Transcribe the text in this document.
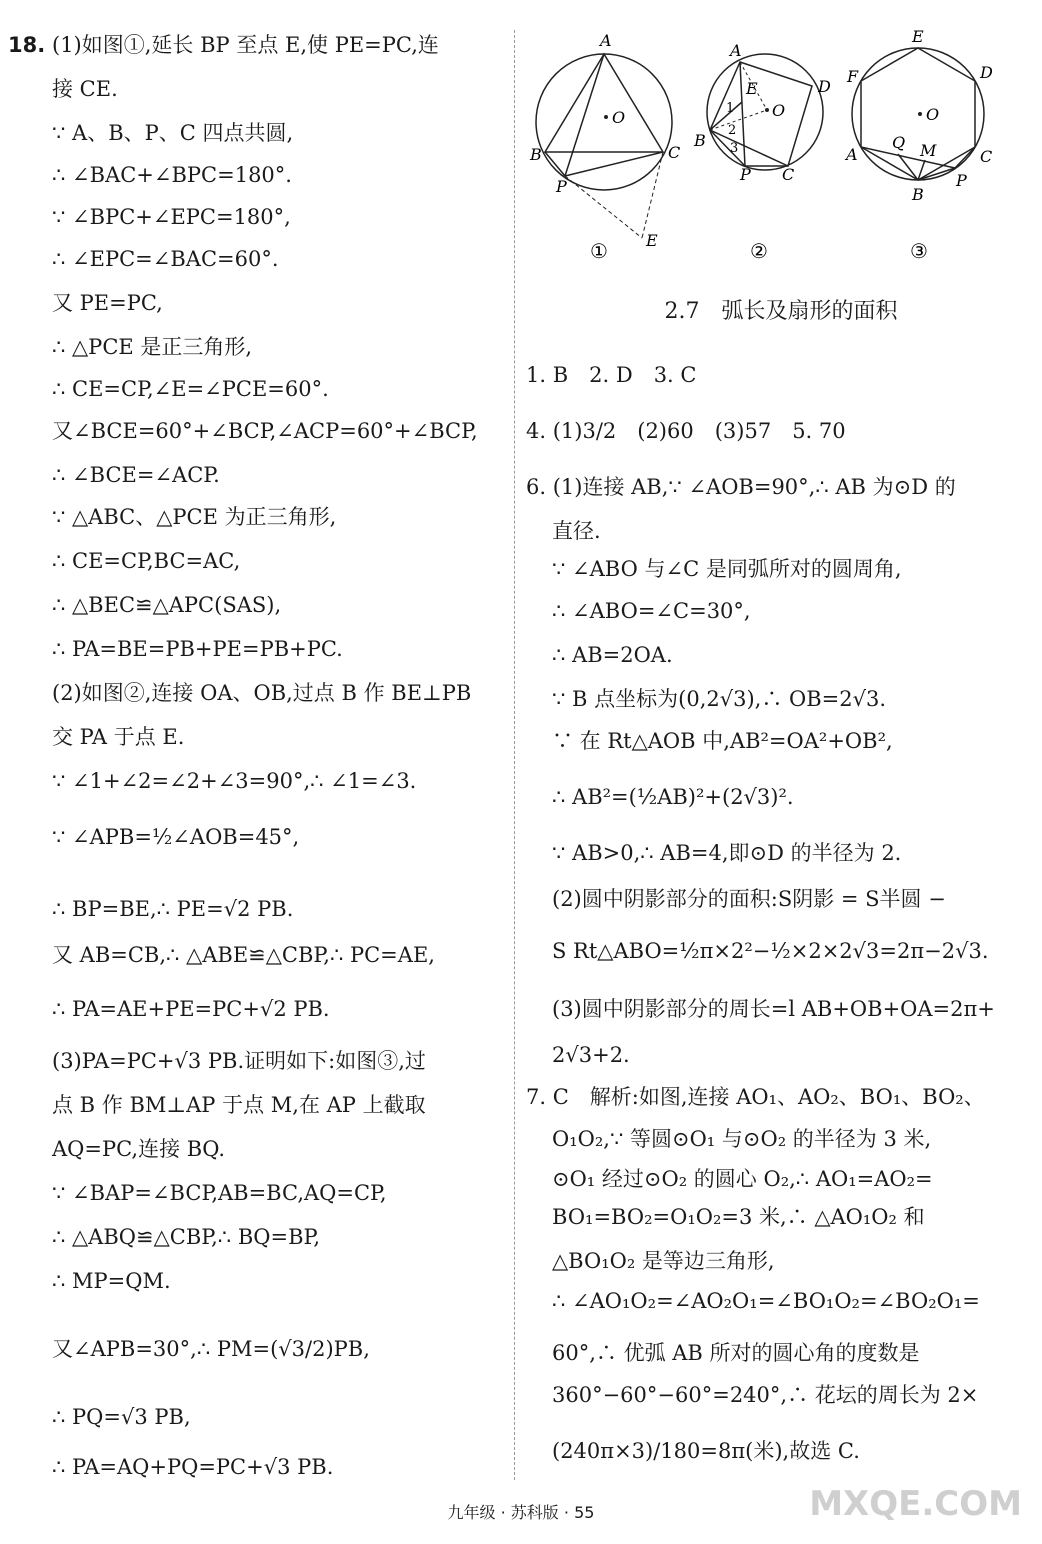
18. (1)如图①,延长 BP 至点 E,使 PE=PC,连
接 CE.
∵ A、B、P、C 四点共圆,
∴ ∠BAC+∠BPC=180°.
∵ ∠BPC+∠EPC=180°,
∴ ∠EPC=∠BAC=60°.
又 PE=PC,
∴ △PCE 是正三角形,
∴ CE=CP,∠E=∠PCE=60°.
又∠BCE=60°+∠BCP,∠ACP=60°+∠BCP,
∴ ∠BCE=∠ACP.
∵ △ABC、△PCE 为正三角形,
∴ CE=CP,BC=AC,
∴ △BEC≌△APC(SAS),
∴ PA=BE=PB+PE=PB+PC.
(2)如图②,连接 OA、OB,过点 B 作 BE⊥PB
交 PA 于点 E.
∵ ∠1+∠2=∠2+∠3=90°,∴ ∠1=∠3.
∵ ∠APB=½∠AOB=45°,
∴ BP=BE,∴ PE=√2 PB.
又 AB=CB,∴ △ABE≌△CBP,∴ PC=AE,
∴ PA=AE+PE=PC+√2 PB.
(3)PA=PC+√3 PB.证明如下:如图③,过
点 B 作 BM⊥AP 于点 M,在 AP 上截取
AQ=PC,连接 BQ.
∵ ∠BAP=∠BCP,AB=BC,AQ=CP,
∴ △ABQ≌△CBP,∴ BQ=BP,
∴ MP=QM.
又∠APB=30°,∴ PM=(√3/2)PB,
∴ PQ=√3 PB,
∴ PA=AQ+PQ=PC+√3 PB.
A
B	C
P
E
O
①
A
B
C
D
P
E
O
1
2
3
②
E
F	D
A	C
B
P
Q M
O
③
2.7　弧长及扇形的面积
1. B　2. D　3. C
4. (1)3/2　(2)60　(3)57　5. 70
6. (1)连接 AB,∵ ∠AOB=90°,∴ AB 为⊙D 的
直径.
∵ ∠ABO 与∠C 是同弧所对的圆周角,
∴ ∠ABO=∠C=30°,
∴ AB=2OA.
∵ B 点坐标为(0,2√3),∴ OB=2√3.
∵ 在 Rt△AOB 中,AB²=OA²+OB²,
∴ AB²=(½AB)²+(2√3)².
∵ AB>0,∴ AB=4,即⊙D 的半径为 2.
(2)圆中阴影部分的面积:S阴影 = S半圆 −
S Rt△ABO=½π×2²−½×2×2√3=2π−2√3.
(3)圆中阴影部分的周长=l AB+OB+OA=2π+
2√3+2.
7. C　解析:如图,连接 AO₁、AO₂、BO₁、BO₂、
O₁O₂,∵ 等圆⊙O₁ 与⊙O₂ 的半径为 3 米,
⊙O₁ 经过⊙O₂ 的圆心 O₂,∴ AO₁=AO₂=
BO₁=BO₂=O₁O₂=3 米,∴ △AO₁O₂ 和
△BO₁O₂ 是等边三角形,
∴ ∠AO₁O₂=∠AO₂O₁=∠BO₁O₂=∠BO₂O₁=
60°,∴ 优弧 AB 所对的圆心角的度数是
360°−60°−60°=240°,∴ 花坛的周长为 2×
(240π×3)/180=8π(米),故选 C.
九年级 · 苏科版 · 55	MXQE.COM
